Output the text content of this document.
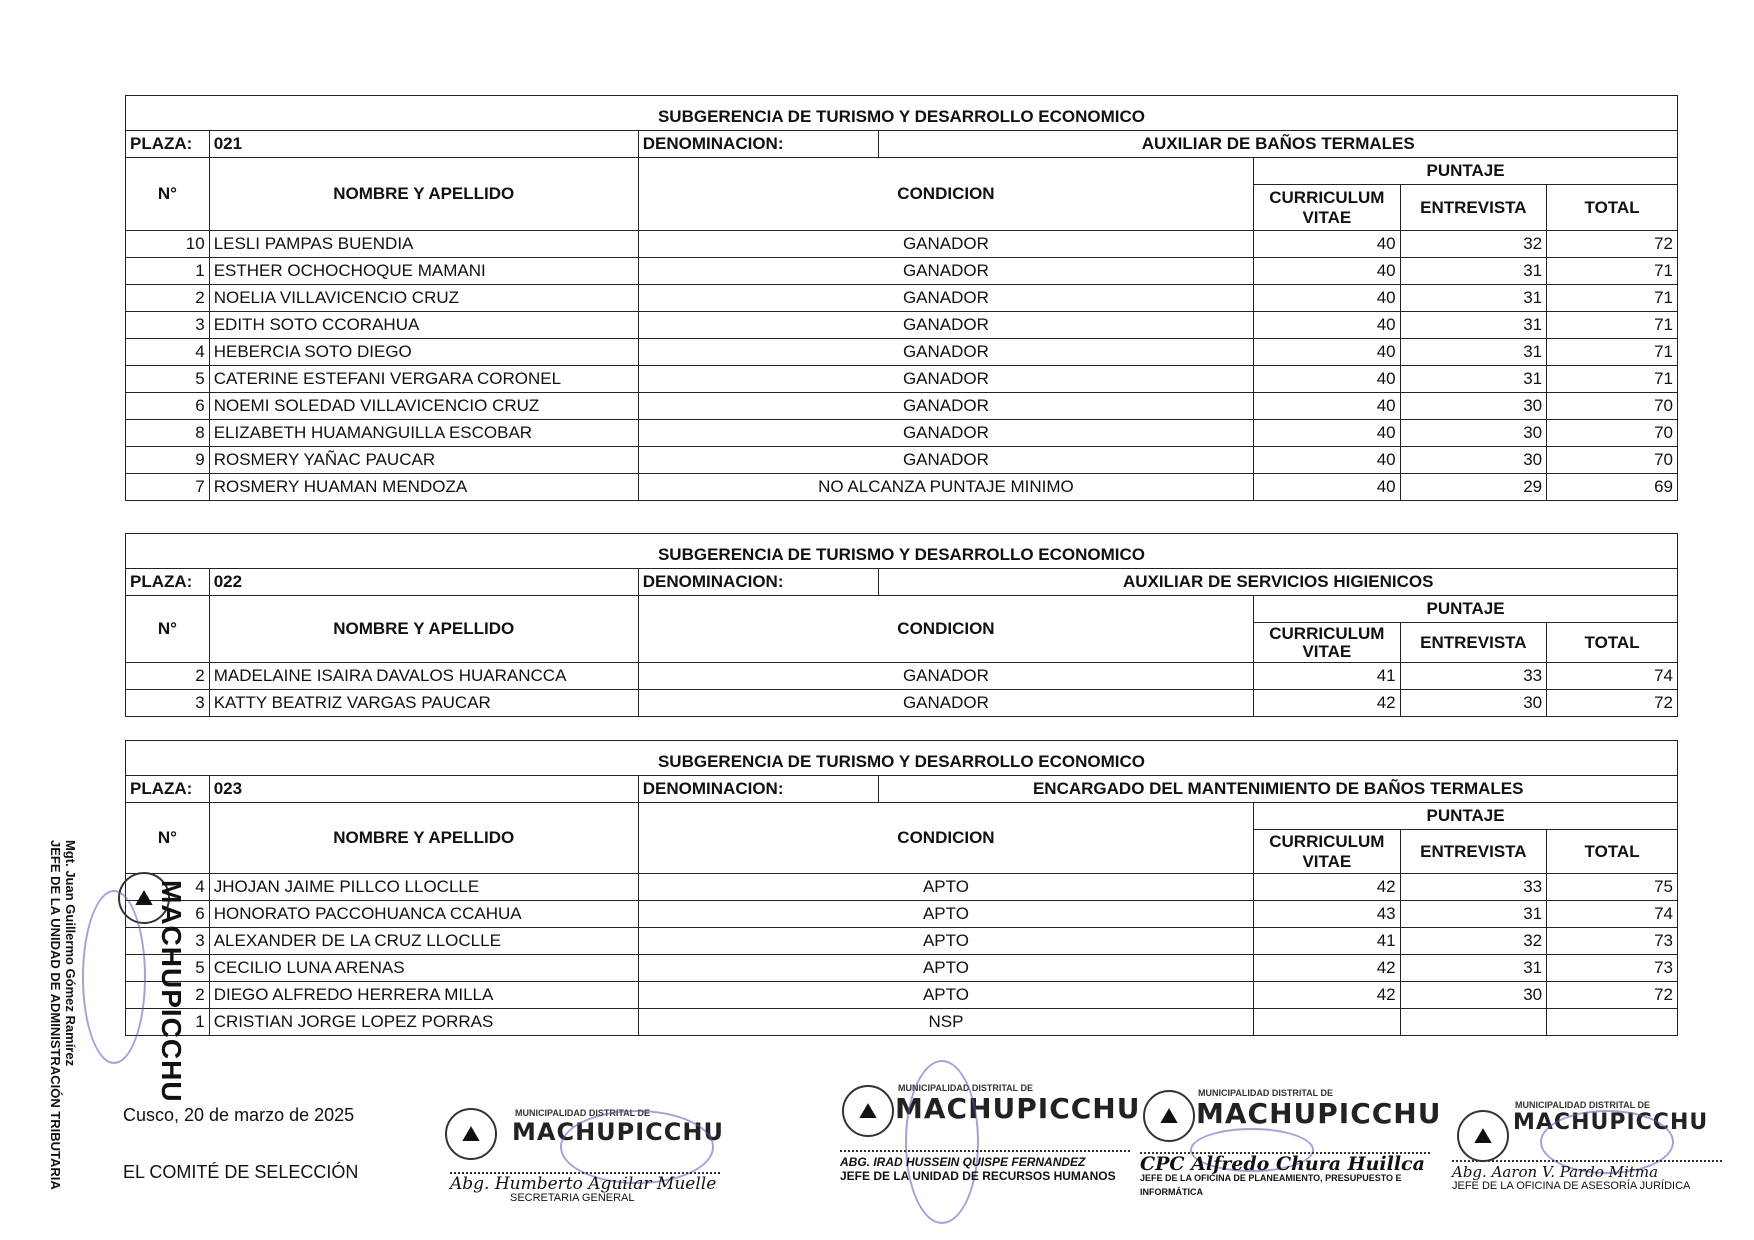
SUBGERENCIA DE TURISMO Y DESARROLLO ECONOMICO						
PLAZA:	021	DENOMINACION:	AUXILIAR DE BAÑOS TERMALES			
N°	NOMBRE Y APELLIDO	CONDICION		PUNTAJE		
				CURRICULUM VITAE	ENTREVISTA	TOTAL
10	LESLI PAMPAS BUENDIA	GANADOR		40	32	72
1	ESTHER OCHOCHOQUE MAMANI	GANADOR		40	31	71
2	NOELIA VILLAVICENCIO CRUZ	GANADOR		40	31	71
3	EDITH SOTO CCORAHUA	GANADOR		40	31	71
4	HEBERCIA SOTO DIEGO	GANADOR		40	31	71
5	CATERINE ESTEFANI VERGARA CORONEL	GANADOR		40	31	71
6	NOEMI SOLEDAD VILLAVICENCIO CRUZ	GANADOR		40	30	70
8	ELIZABETH HUAMANGUILLA ESCOBAR	GANADOR		40	30	70
9	ROSMERY YAÑAC PAUCAR	GANADOR		40	30	70
7	ROSMERY HUAMAN MENDOZA	NO ALCANZA PUNTAJE MINIMO		40	29	69
SUBGERENCIA DE TURISMO Y DESARROLLO ECONOMICO						
PLAZA:	022	DENOMINACION:	AUXILIAR DE SERVICIOS HIGIENICOS			
N°	NOMBRE Y APELLIDO	CONDICION		PUNTAJE		
				CURRICULUM VITAE	ENTREVISTA	TOTAL
2	MADELAINE ISAIRA DAVALOS HUARANCCA	GANADOR		41	33	74
3	KATTY BEATRIZ VARGAS PAUCAR	GANADOR		42	30	72
SUBGERENCIA DE TURISMO Y DESARROLLO ECONOMICO						
PLAZA:	023	DENOMINACION:	ENCARGADO DEL MANTENIMIENTO DE BAÑOS TERMALES			
N°	NOMBRE Y APELLIDO	CONDICION		PUNTAJE		
				CURRICULUM VITAE	ENTREVISTA	TOTAL
4	JHOJAN JAIME PILLCO LLOCLLE	APTO		42	33	75
6	HONORATO PACCOHUANCA CCAHUA	APTO		43	31	74
3	ALEXANDER DE LA CRUZ LLOCLLE	APTO		41	32	73
5	CECILIO LUNA ARENAS	APTO		42	31	73
2	DIEGO ALFREDO HERRERA MILLA	APTO		42	30	72
1	CRISTIAN JORGE LOPEZ PORRAS	NSP				
Mgt. Juan Guillermo Gómez Ramírez
JEFE DE LA UNIDAD DE ADMINISTRACIÓN TRIBUTARIA	⛰ MACHUPICCHU
Cusco, 20 de marzo de 2025
EL COMITÉ DE SELECCIÓN
⛰
MUNICIPALIDAD DISTRITAL DE
MACHUPICCHU
Abg. Humberto Aguilar Muelle
SECRETARIA GENERAL
⛰
MUNICIPALIDAD DISTRITAL DE
MACHUPICCHU
ABG. IRAD HUSSEIN QUISPE FERNANDEZ
JEFE DE LA UNIDAD DE RECURSOS HUMANOS
⛰
MUNICIPALIDAD DISTRITAL DE
MACHUPICCHU
CPC Alfredo Chura Huillca
JEFE DE LA OFICINA DE PLANEAMIENTO, PRESUPUESTO E INFORMÁTICA
⛰
MUNICIPALIDAD DISTRITAL DE
MACHUPICCHU
Abg. Aaron V. Pardo Mitma
JEFE DE LA OFICINA DE ASESORÍA JURÍDICA
